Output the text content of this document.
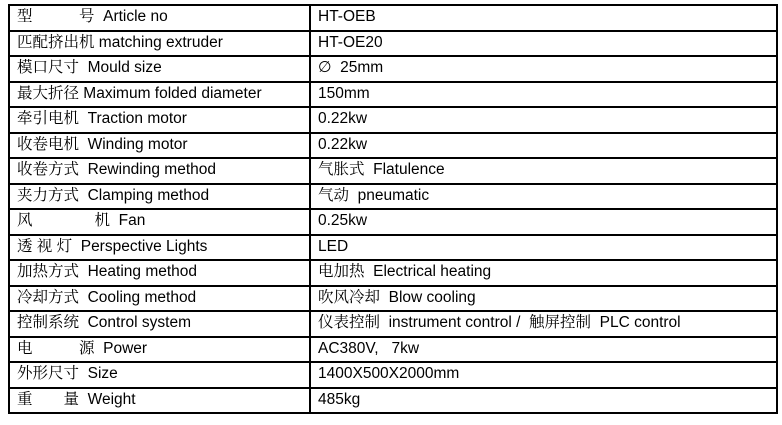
型　　　号  Article no	HT-OEB
匹配挤出机 matching extruder	HT-OE20
模口尺寸  Mould size	∅  25mm
最大折径 Maximum folded diameter	150mm
牵引电机  Traction motor	0.22kw
收卷电机  Winding motor	0.22kw
收卷方式  Rewinding method	气胀式  Flatulence
夹力方式  Clamping method	气动  pneumatic
风　　　　机  Fan	0.25kw
透 视 灯  Perspective Lights	LED
加热方式  Heating method	电加热  Electrical heating
冷却方式  Cooling method	吹风冷却  Blow cooling
控制系统  Control system	仪表控制  instrument control /  触屏控制  PLC control
电　　　源  Power	AC380V,   7kw
外形尺寸  Size	1400X500X2000mm
重　　量  Weight	485kg
